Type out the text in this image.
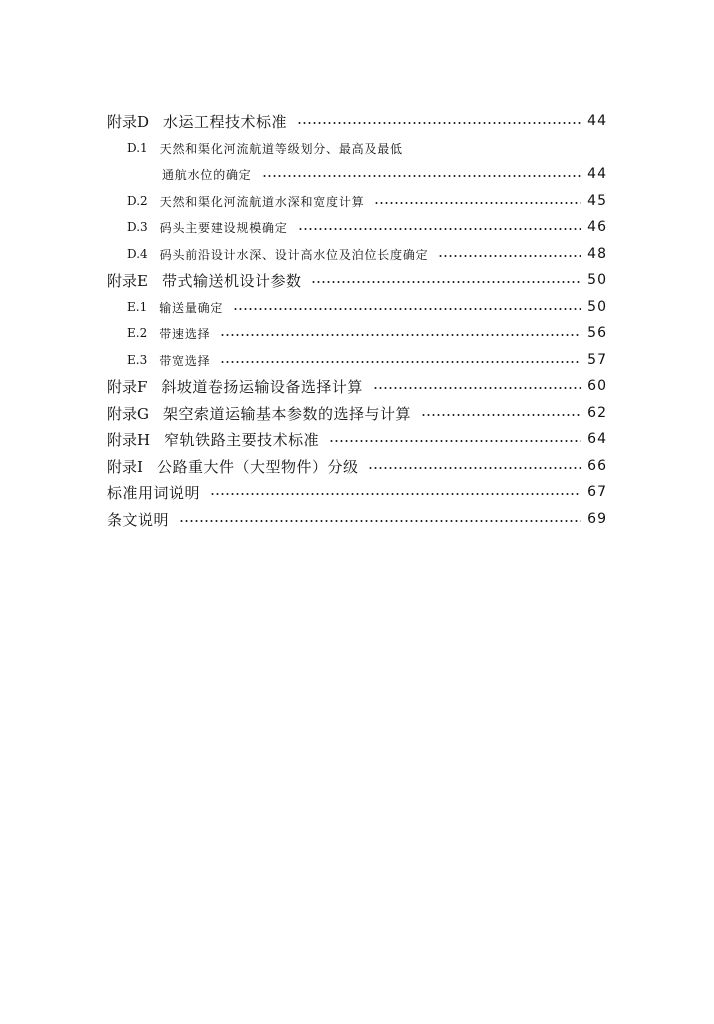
附录D 水运工程技术标准	44
D.1 天然和渠化河流航道等级划分、最高及最低
通航水位的确定	44
D.2 天然和渠化河流航道水深和宽度计算	45
D.3 码头主要建设规模确定	46
D.4 码头前沿设计水深、设计高水位及泊位长度确定	48
附录E 带式输送机设计参数	50
E.1 输送量确定	50
E.2 带速选择	56
E.3 带宽选择	57
附录F 斜坡道卷扬运输设备选择计算	60
附录G 架空索道运输基本参数的选择与计算	62
附录H 窄轨铁路主要技术标准	64
附录I 公路重大件（大型物件）分级	66
标准用词说明	67
条文说明	69
